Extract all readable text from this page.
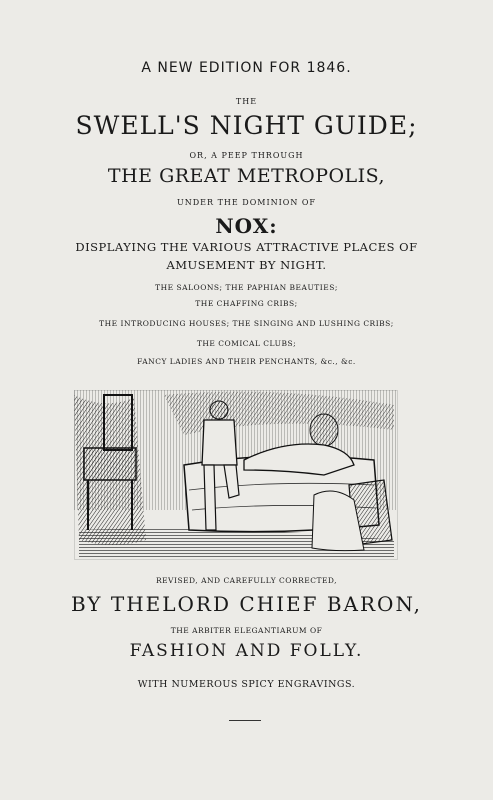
A NEW EDITION FOR 1846.
THE
SWELL'S NIGHT GUIDE;
OR, A PEEP THROUGH
THE GREAT METROPOLIS,
UNDER THE DOMINION OF
NOX:
DISPLAYING THE VARIOUS ATTRACTIVE PLACES OF
AMUSEMENT BY NIGHT.
THE SALOONS; THE PAPHIAN BEAUTIES;
THE CHAFFING CRIBS;
THE INTRODUCING HOUSES; THE SINGING AND LUSHING CRIBS;
THE COMICAL CLUBS;
FANCY LADIES AND THEIR PENCHANTS, &c., &c.
REVISED, AND CAREFULLY CORRECTED,
BY THELORD CHIEF BARON,
THE ARBITER ELEGANTIARUM OF
FASHION AND FOLLY.
WITH NUMEROUS SPICY ENGRAVINGS.
